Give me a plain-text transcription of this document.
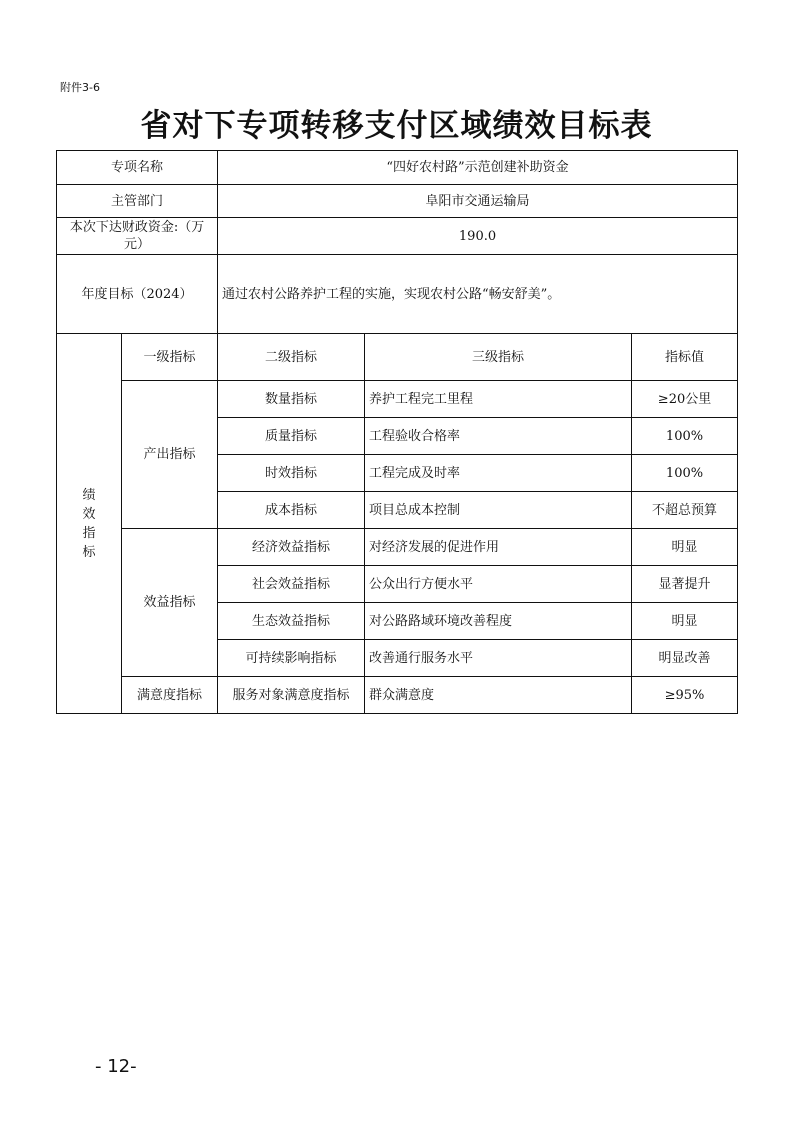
附件3-6
省对下专项转移支付区域绩效目标表
专项名称		“四好农村路”示范创建补助资金		
主管部门		阜阳市交通运输局		
本次下达财政资金:（万元）		190.0		
年度目标（2024）		通过农村公路养护工程的实施，实现农村公路“畅安舒美”。		
绩效指标	一级指标	二级指标	三级指标	指标值
	产出指标	数量指标	养护工程完工里程	≥20公里
		质量指标	工程验收合格率	100%
		时效指标	工程完成及时率	100%
		成本指标	项目总成本控制	不超总预算
	效益指标	经济效益指标	对经济发展的促进作用	明显
		社会效益指标	公众出行方便水平	显著提升
		生态效益指标	对公路路域环境改善程度	明显
		可持续影响指标	改善通行服务水平	明显改善
	满意度指标	服务对象满意度指标	群众满意度	≥95%
- 12-
